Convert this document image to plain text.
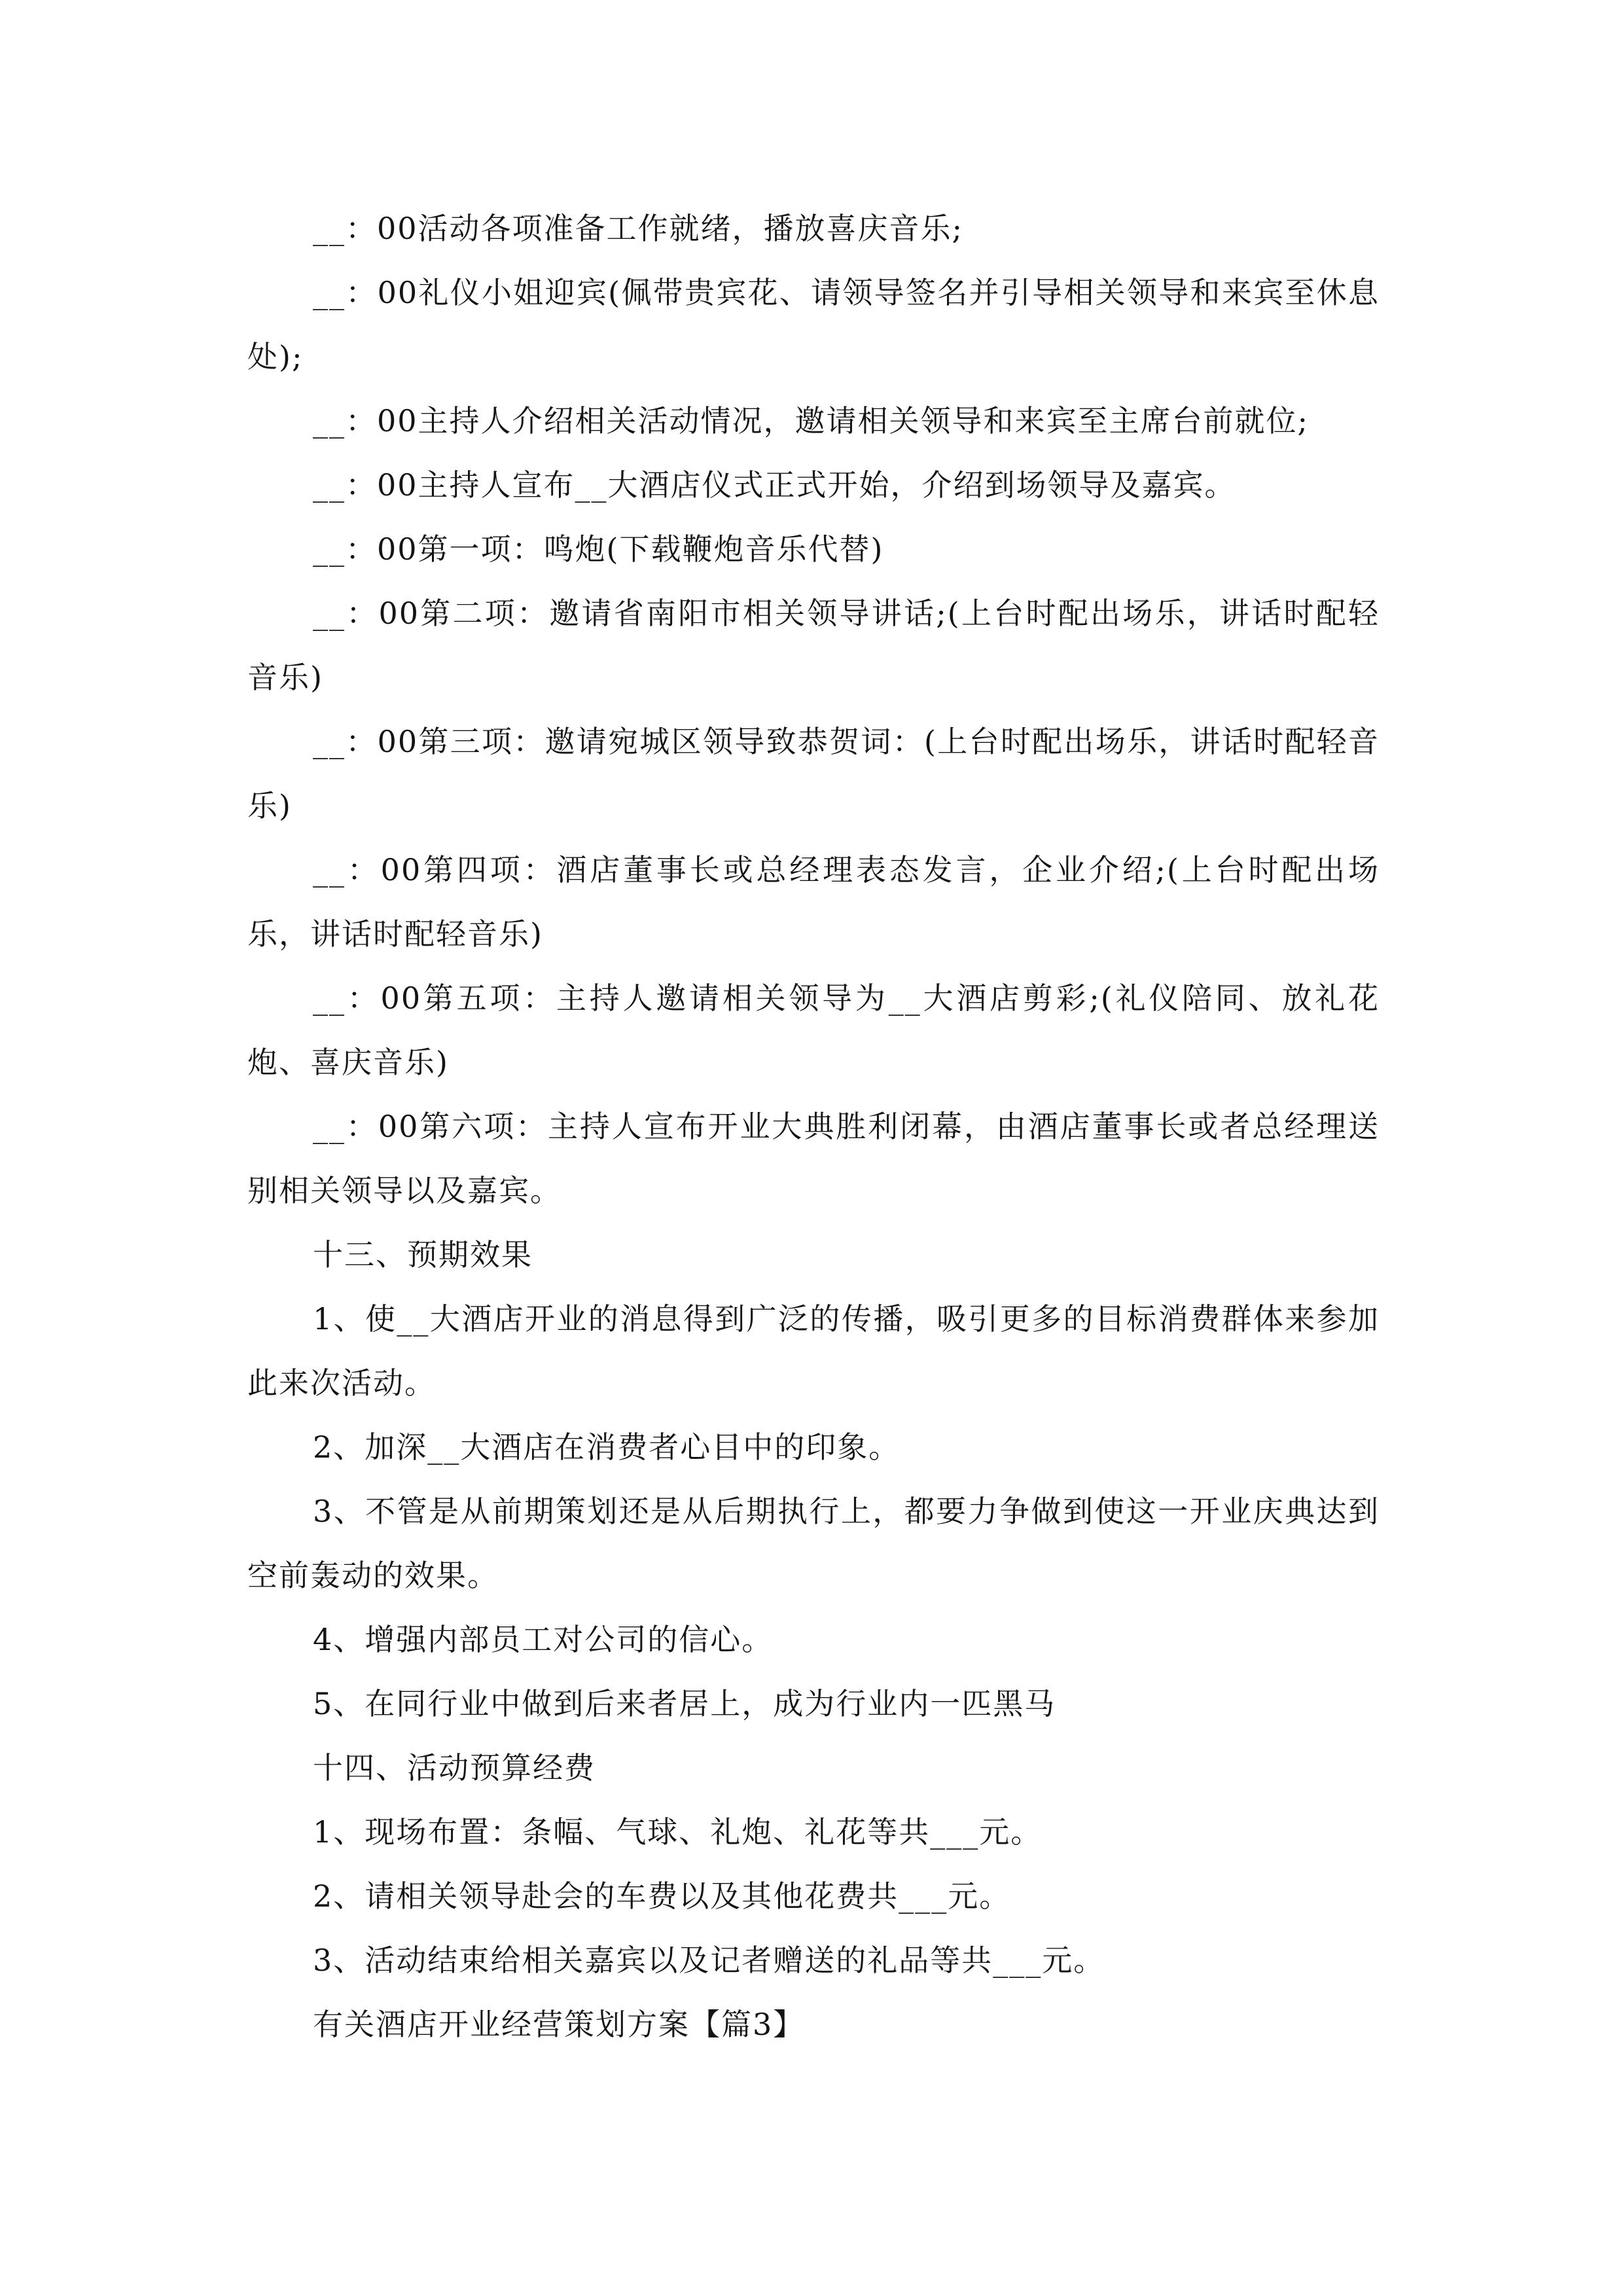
__：00活动各项准备工作就绪，播放喜庆音乐;

__：00礼仪小姐迎宾(佩带贵宾花、请领导签名并引导相关领导和来宾至休息处);

__：00主持人介绍相关活动情况，邀请相关领导和来宾至主席台前就位;

__：00主持人宣布__大酒店仪式正式开始，介绍到场领导及嘉宾。

__：00第一项：鸣炮(下载鞭炮音乐代替)

__：00第二项：邀请省南阳市相关领导讲话;(上台时配出场乐，讲话时配轻音乐)

__：00第三项：邀请宛城区领导致恭贺词：(上台时配出场乐，讲话时配轻音乐)

__：00第四项：酒店董事长或总经理表态发言，企业介绍;(上台时配出场乐，讲话时配轻音乐)

__：00第五项：主持人邀请相关领导为__大酒店剪彩;(礼仪陪同、放礼花炮、喜庆音乐)

__：00第六项：主持人宣布开业大典胜利闭幕，由酒店董事长或者总经理送别相关领导以及嘉宾。

十三、预期效果

1、使__大酒店开业的消息得到广泛的传播，吸引更多的目标消费群体来参加此来次活动。

2、加深__大酒店在消费者心目中的印象。

3、不管是从前期策划还是从后期执行上，都要力争做到使这一开业庆典达到空前轰动的效果。

4、增强内部员工对公司的信心。

5、在同行业中做到后来者居上，成为行业内一匹黑马

十四、活动预算经费

1、现场布置：条幅、气球、礼炮、礼花等共___元。

2、请相关领导赴会的车费以及其他花费共___元。

3、活动结束给相关嘉宾以及记者赠送的礼品等共___元。

有关酒店开业经营策划方案【篇3】
